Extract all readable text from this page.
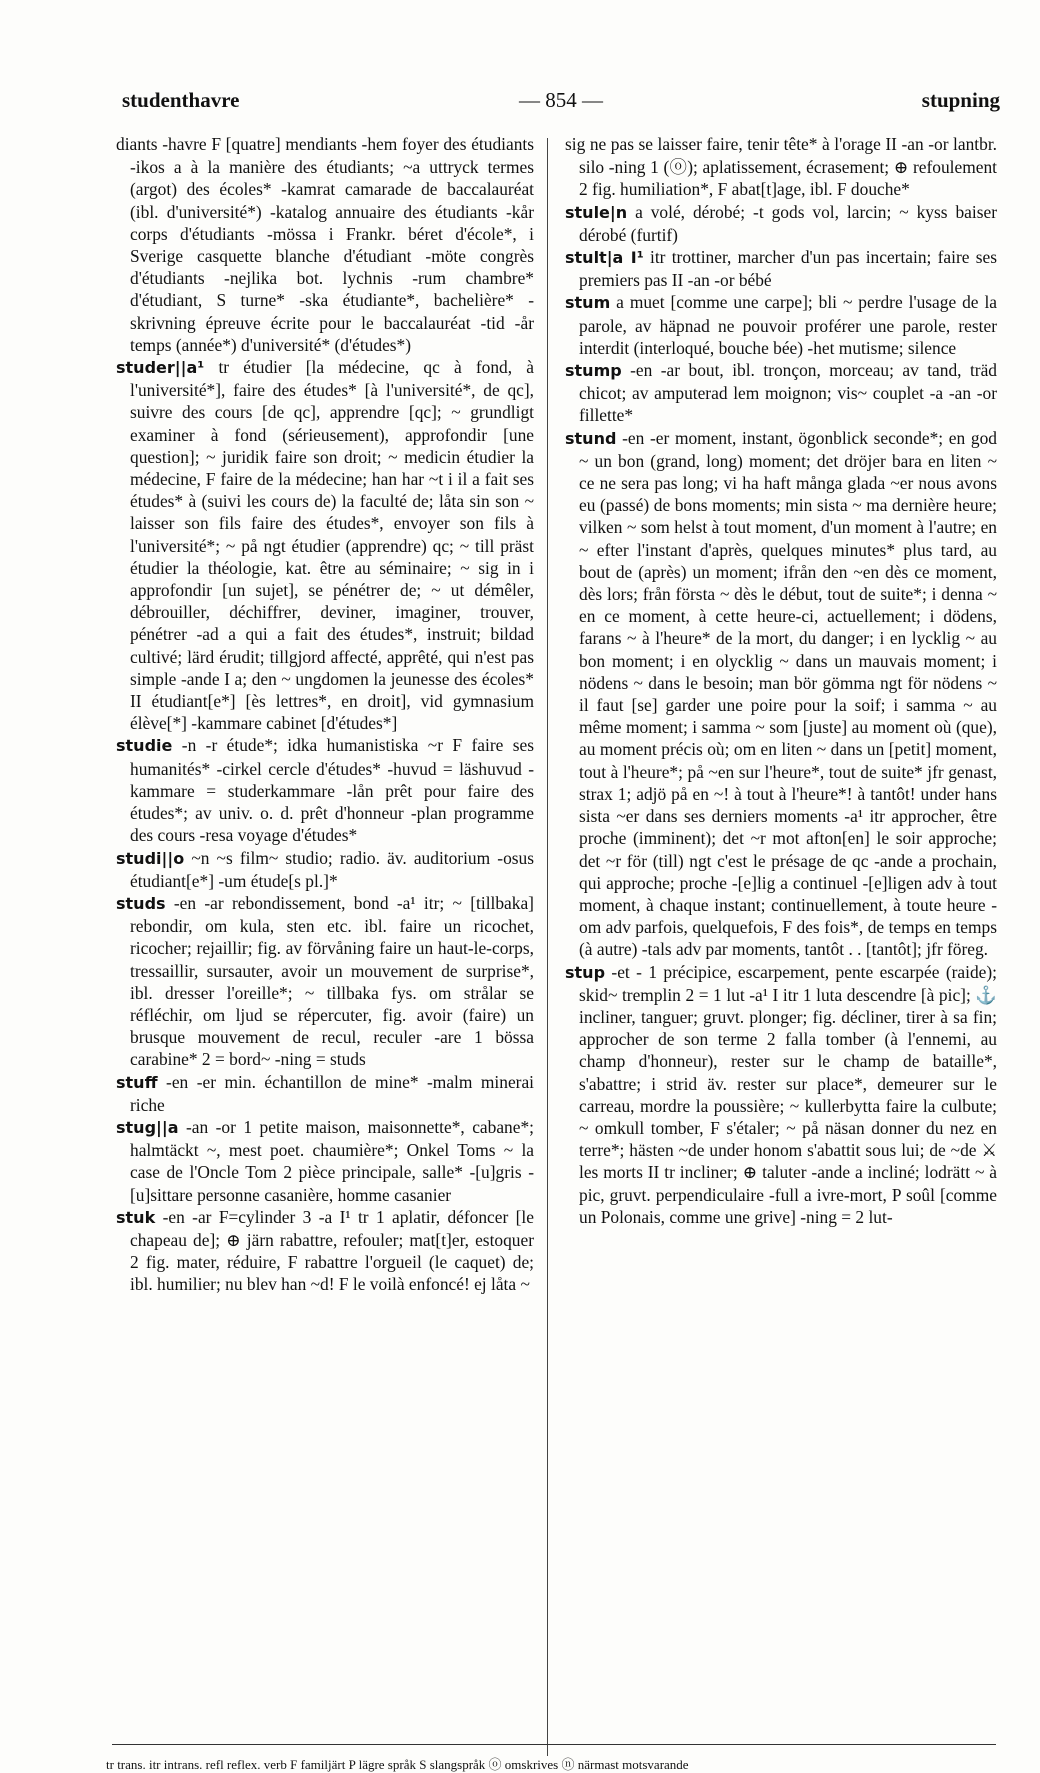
studenthavre	— 854 —	stupning

diants -havre F [quatre] mendiants -hem foyer des étudiants -ikos a à la manière des étudiants; ~a uttryck termes (argot) des écoles* -kamrat camarade de baccalauréat (ibl. d'université*) -katalog annuaire des étudiants -kår corps d'étudiants -mössa i Frankr. béret d'école*, i Sverige casquette blanche d'étudiant -möte congrès d'étudiants -nejlika bot. lychnis -rum chambre* d'étudiant, S turne* -ska étudiante*, bachelière* -skrivning épreuve écrite pour le baccalauréat -tid -år temps (année*) d'université* (d'études*)

studer||a¹ tr étudier [la médecine, qc à fond, à l'université*], faire des études* [à l'université*, de qc], suivre des cours [de qc], apprendre [qc]; ~ grundligt examiner à fond (sérieusement), approfondir [une question]; ~ juridik faire son droit; ~ medicin étudier la médecine, F faire de la médecine; han har ~t i il a fait ses études* à (suivi les cours de) la faculté de; låta sin son ~ laisser son fils faire des études*, envoyer son fils à l'université*; ~ på ngt étudier (apprendre) qc; ~ till präst étudier la théologie, kat. être au séminaire; ~ sig in i approfondir [un sujet], se pénétrer de; ~ ut démêler, débrouiller, déchiffrer, deviner, imaginer, trouver, pénétrer -ad a qui a fait des études*, instruit; bildad cultivé; lärd érudit; tillgjord affecté, apprêté, qui n'est pas simple -ande I a; den ~ ungdomen la jeunesse des écoles* II étudiant[e*] [ès lettres*, en droit], vid gymnasium élève[*] -kammare cabinet [d'études*]

studie -n -r étude*; idka humanistiska ~r F faire ses humanités* -cirkel cercle d'études* -huvud = läshuvud -kammare = studerkammare -lån prêt pour faire des études*; av univ. o. d. prêt d'honneur -plan programme des cours -resa voyage d'études*

studi||o ~n ~s film~ studio; radio. äv. auditorium -osus étudiant[e*] -um étude[s pl.]*

studs -en -ar rebondissement, bond -a¹ itr; ~ [tillbaka] rebondir, om kula, sten etc. ibl. faire un ricochet, ricocher; rejaillir; fig. av förvåning faire un haut-le-corps, tressaillir, sursauter, avoir un mouvement de surprise*, ibl. dresser l'oreille*; ~ tillbaka fys. om strålar se réfléchir, om ljud se répercuter, fig. avoir (faire) un brusque mouvement de recul, reculer -are 1 bössa carabine* 2 = bord~ -ning = studs

stuff -en -er min. échantillon de mine* -malm minerai riche

stug||a -an -or 1 petite maison, maisonnette*, cabane*; halmtäckt ~, mest poet. chaumière*; Onkel Toms ~ la case de l'Oncle Tom 2 pièce principale, salle* -[u]gris -[u]sittare personne casanière, homme casanier

stuk -en -ar F=cylinder 3 -a I¹ tr 1 aplatir, défoncer [le chapeau de]; ⊕ järn rabattre, refouler; mat[t]er, estoquer 2 fig. mater, réduire, F rabattre l'orgueil (le caquet) de; ibl. humilier; nu blev han ~d! F le voilà enfoncé! ej låta ~

sig ne pas se laisser faire, tenir tête* à l'orage II -an -or lantbr. silo -ning 1 (ⓞ); aplatissement, écrasement; ⊕ refoulement 2 fig. humiliation*, F abat[t]age, ibl. F douche*

stule|n a volé, dérobé; -t gods vol, larcin; ~ kyss baiser dérobé (furtif)

stult|a I¹ itr trottiner, marcher d'un pas incertain; faire ses premiers pas II -an -or bébé

stum a muet [comme une carpe]; bli ~ perdre l'usage de la parole, av häpnad ne pouvoir proférer une parole, rester interdit (interloqué, bouche bée) -het mutisme; silence

stump -en -ar bout, ibl. tronçon, morceau; av tand, träd chicot; av amputerad lem moignon; vis~ couplet -a -an -or fillette*

stund -en -er moment, instant, ögonblick seconde*; en god ~ un bon (grand, long) moment; det dröjer bara en liten ~ ce ne sera pas long; vi ha haft många glada ~er nous avons eu (passé) de bons moments; min sista ~ ma dernière heure; vilken ~ som helst à tout moment, d'un moment à l'autre; en ~ efter l'instant d'après, quelques minutes* plus tard, au bout de (après) un moment; ifrån den ~en dès ce moment, dès lors; från första ~ dès le début, tout de suite*; i denna ~ en ce moment, à cette heure-ci, actuellement; i dödens, farans ~ à l'heure* de la mort, du danger; i en lycklig ~ au bon moment; i en olycklig ~ dans un mauvais moment; i nödens ~ dans le besoin; man bör gömma ngt för nödens ~ il faut [se] garder une poire pour la soif; i samma ~ au même moment; i samma ~ som [juste] au moment où (que), au moment précis où; om en liten ~ dans un [petit] moment, tout à l'heure*; på ~en sur l'heure*, tout de suite* jfr genast, strax 1; adjö på en ~! à tout à l'heure*! à tantôt! under hans sista ~er dans ses derniers moments -a¹ itr approcher, être proche (imminent); det ~r mot afton[en] le soir approche; det ~r för (till) ngt c'est le présage de qc -ande a prochain, qui approche; proche -[e]lig a continuel -[e]ligen adv à tout moment, à chaque instant; continuellement, à toute heure -om adv parfois, quelquefois, F des fois*, de temps en temps (à autre) -tals adv par moments, tantôt . . [tantôt]; jfr föreg.

stup -et - 1 précipice, escarpement, pente escarpée (raide); skid~ tremplin 2 = 1 lut -a¹ I itr 1 luta descendre [à pic]; ⚓ incliner, tanguer; gruvt. plonger; fig. décliner, tirer à sa fin; approcher de son terme 2 falla tomber (à l'ennemi, au champ d'honneur), rester sur le champ de bataille*, s'abattre; i strid äv. rester sur place*, demeurer sur le carreau, mordre la poussière; ~ kullerbytta faire la culbute; ~ omkull tomber, F s'étaler; ~ på näsan donner du nez en terre*; hästen ~de under honom s'abattit sous lui; de ~de ⚔ les morts II tr incliner; ⊕ taluter -ande a incliné; lodrätt ~ à pic, gruvt. perpendiculaire -full a ivre-mort, P soûl [comme un Polonais, comme une grive] -ning = 2 lut-

tr trans. itr intrans. refl reflex. verb F familjärt P lägre språk S slangspråk ⓞ omskrives ⓝ närmast motsvarande
